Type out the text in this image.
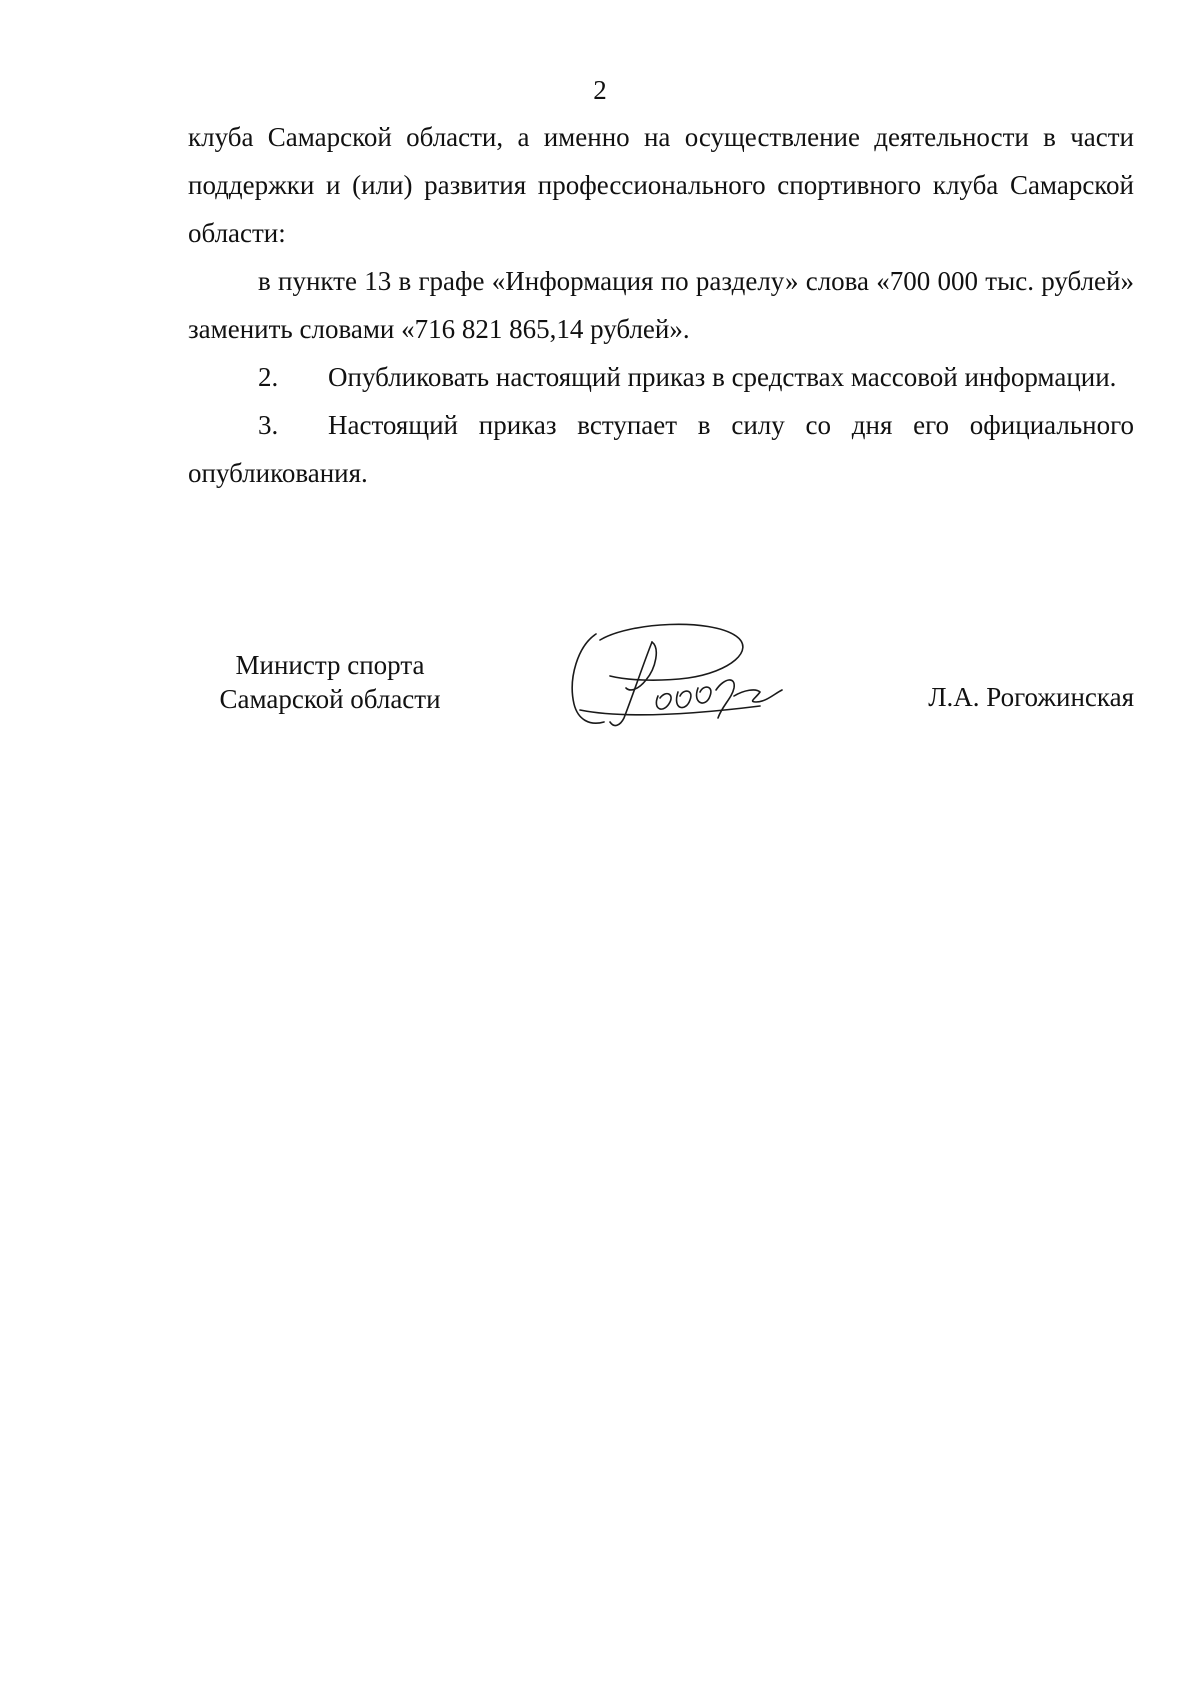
2

клуба Самарской области, а именно на осуществление деятельности в части поддержки и (или) развития профессионального спортивного клуба Самарской области:

в пункте 13 в графе «Информация по разделу» слова «700 000 тыс. рублей» заменить словами «716 821 865,14 рублей».

2. Опубликовать настоящий приказ в средствах массовой информации.

3. Настоящий приказ вступает в силу со дня его официального опубликования.

Министр спорта
Самарской области	Л.А. Рогожинская
